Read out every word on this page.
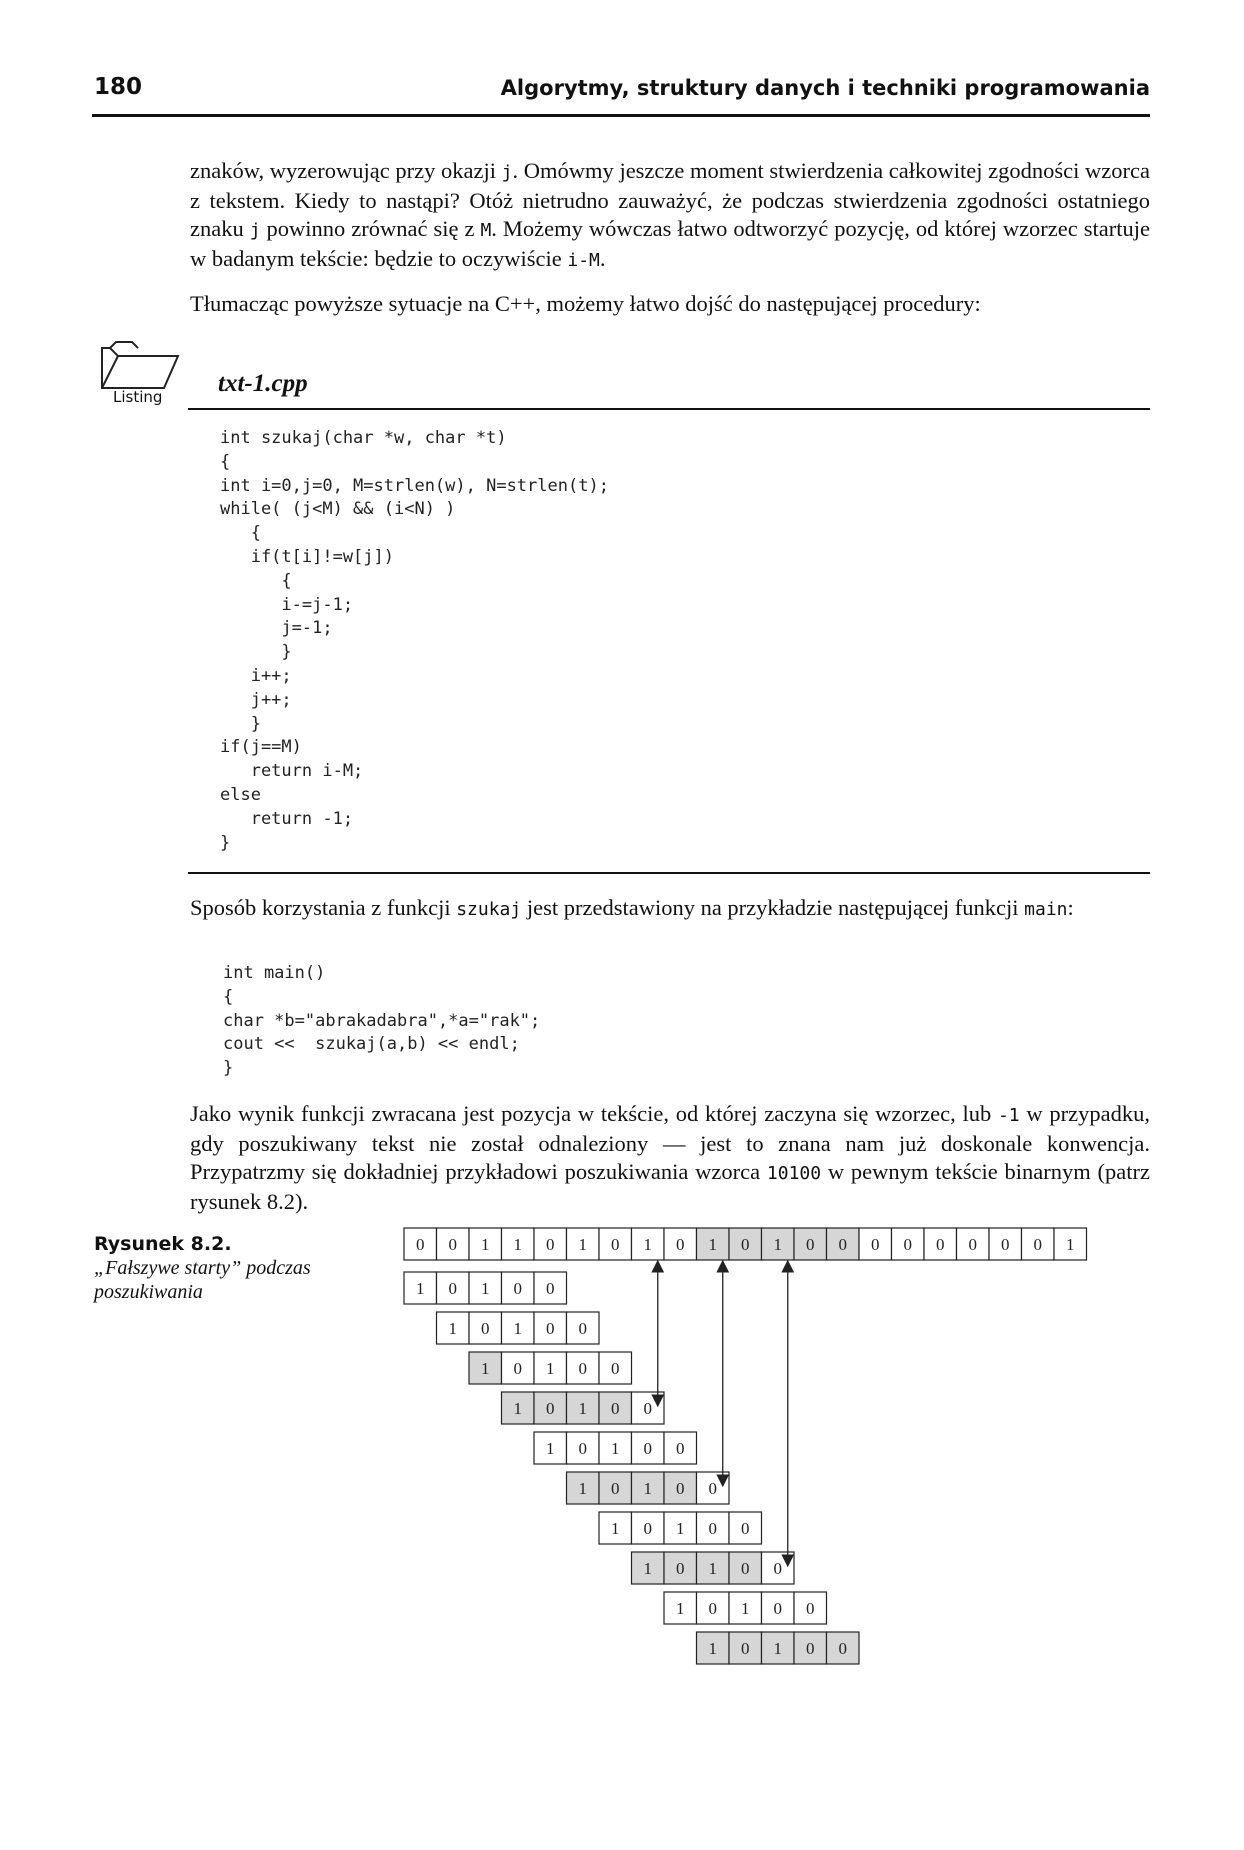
180	Algorytmy, struktury danych i techniki programowania

znaków, wyzerowując przy okazji j. Omówmy jeszcze moment stwierdzenia całkowitej zgodności wzorca z tekstem. Kiedy to nastąpi? Otóż nietrudno zauważyć, że podczas stwierdzenia zgodności ostatniego znaku j powinno zrównać się z M. Możemy wówczas łatwo odtworzyć pozycję, od której wzorzec startuje w badanym tekście: będzie to oczywiście i-M.

Tłumacząc powyższe sytuacje na C++, możemy łatwo dojść do następującej procedury:

Listing txt-1.cpp
int szukaj(char *w, char *t)
{
int i=0,j=0, M=strlen(w), N=strlen(t);
while( (j<M) && (i<N) )
{
if(t[i]!=w[j])
{
i-=j-1;
j=-1;
}
i++;
j++;
}
if(j==M)
return i-M;
else
return -1;
}

Sposób korzystania z funkcji szukaj jest przedstawiony na przykładzie następującej funkcji main:

int main()
{
char *b="abrakadabra",*a="rak";
cout <<  szukaj(a,b) << endl;
}

Jako wynik funkcji zwracana jest pozycja w tekście, od której zaczyna się wzorzec, lub -1 w przypadku, gdy poszukiwany tekst nie został odnaleziony — jest to znana nam już doskonale konwencja. Przypatrzmy się dokładniej przykładowi poszukiwania wzorca 10100 w pewnym tekście binarnym (patrz rysunek 8.2).

Rysunek 8.2.
„Fałszywe starty” podczas poszukiwania
0 0 1 1 0 1 0 1 0 1 0 1 0 0 0 0 0 0 0 0 1
1 0 1 0 0
1 0 1 0 0
1 0 1 0 0
1 0 1 0 0
1 0 1 0 0
1 0 1 0 0
1 0 1 0 0
1 0 1 0 0
1 0 1 0 0
1 0 1 0 0
